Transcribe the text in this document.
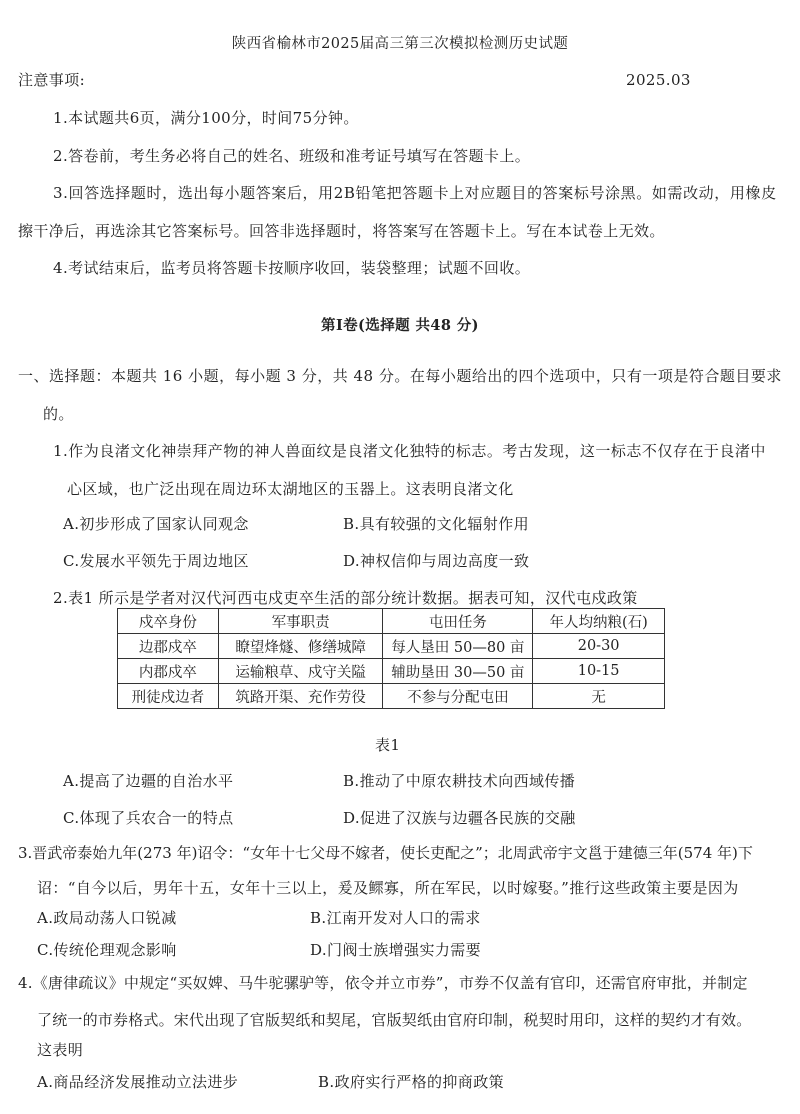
陕西省榆林市2025届高三第三次模拟检测历史试题
注意事项:	2025.03
1.本试题共6页，满分100分，时间75分钟。
2.答卷前，考生务必将自己的姓名、班级和准考证号填写在答题卡上。
3.回答选择题时，选出每小题答案后，用2B铅笔把答题卡上对应题目的答案标号涂黑。如需改动，用橡皮
擦干净后，再选涂其它答案标号。回答非选择题时，将答案写在答题卡上。写在本试卷上无效。
4.考试结束后，监考员将答题卡按顺序收回，装袋整理；试题不回收。
第Ⅰ卷(选择题 共48 分)
一、选择题：本题共 16 小题，每小题 3 分，共 48 分。在每小题给出的四个选项中，只有一项是符合题目要求
的。
1.作为良渚文化神崇拜产物的神人兽面纹是良渚文化独特的标志。考古发现，这一标志不仅存在于良渚中
心区域，也广泛出现在周边环太湖地区的玉器上。这表明良渚文化
A.初步形成了国家认同观念	B.具有较强的文化辐射作用
C.发展水平领先于周边地区	D.神权信仰与周边高度一致
2.表1 所示是学者对汉代河西屯戍吏卒生活的部分统计数据。据表可知，汉代屯戍政策
戍卒身份	军事职责	屯田任务	年人均纳粮(石)
边郡戍卒	瞭望烽燧、修缮城障	每人垦田 50—80 亩	20-30
内郡戍卒	运输粮草、戍守关隘	辅助垦田 30—50 亩	10-15
刑徒戍边者	筑路开渠、充作劳役	不参与分配屯田	无
表1
A.提高了边疆的自治水平	B.推动了中原农耕技术向西域传播
C.体现了兵农合一的特点	D.促进了汉族与边疆各民族的交融
3.晋武帝泰始九年(273 年)诏令：“女年十七父母不嫁者，使长吏配之”；北周武帝宇文邕于建德三年(574 年)下
诏：“自今以后，男年十五，女年十三以上，爰及鳏寡，所在军民，以时嫁娶。”推行这些政策主要是因为
A.政局动荡人口锐减	B.江南开发对人口的需求
C.传统伦理观念影响	D.门阀士族增强实力需要
4.《唐律疏议》中规定“买奴婢、马牛驼骡驴等，依令并立市券”，市券不仅盖有官印，还需官府审批，并制定
了统一的市券格式。宋代出现了官版契纸和契尾，官版契纸由官府印制，税契时用印，这样的契约才有效。
这表明
A.商品经济发展推动立法进步	B.政府实行严格的抑商政策
